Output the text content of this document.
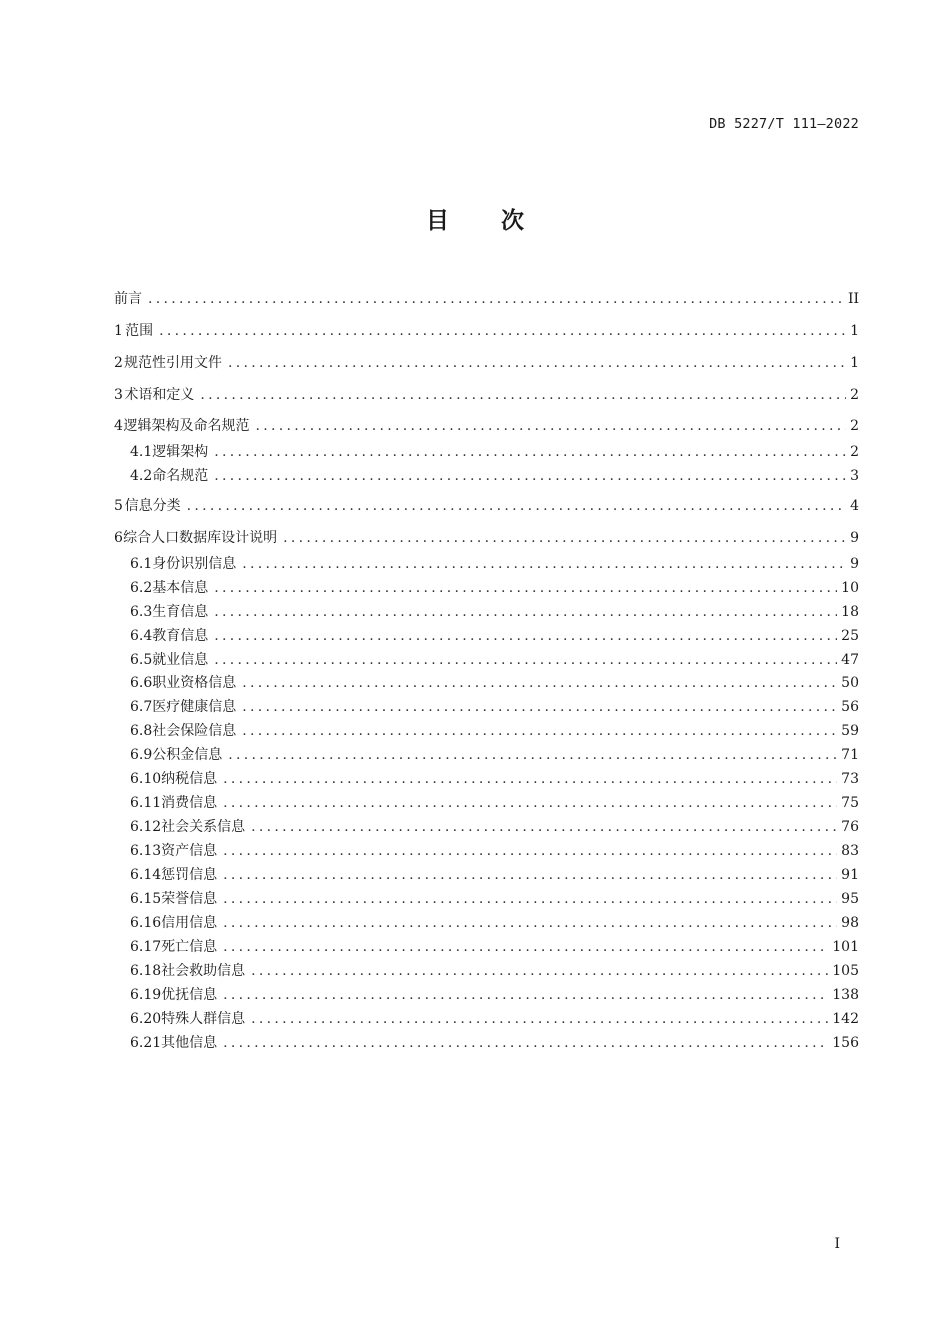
DB 5227/T 111—2022
目 次
前言 .....	II
1 范围 .....	1
2 规范性引用文件 .....	1
3 术语和定义 .....	2
4 逻辑架构及命名规范 .....	2
4.1 逻辑架构 .....	2
4.2 命名规范 .....	3
5 信息分类 .....	4
6 综合人口数据库设计说明 .....	9
6.1 身份识别信息 .....	9
6.2 基本信息 .....	10
6.3 生育信息 .....	18
6.4 教育信息 .....	25
6.5 就业信息 .....	47
6.6 职业资格信息 .....	50
6.7 医疗健康信息 .....	56
6.8 社会保险信息 .....	59
6.9 公积金信息 .....	71
6.10 纳税信息 .....	73
6.11 消费信息 .....	75
6.12 社会关系信息 .....	76
6.13 资产信息 .....	83
6.14 惩罚信息 .....	91
6.15 荣誉信息 .....	95
6.16 信用信息 .....	98
6.17 死亡信息 .....	101
6.18 社会救助信息 .....	105
6.19 优抚信息 .....	138
6.20 特殊人群信息 .....	142
6.21 其他信息 .....	156
I
